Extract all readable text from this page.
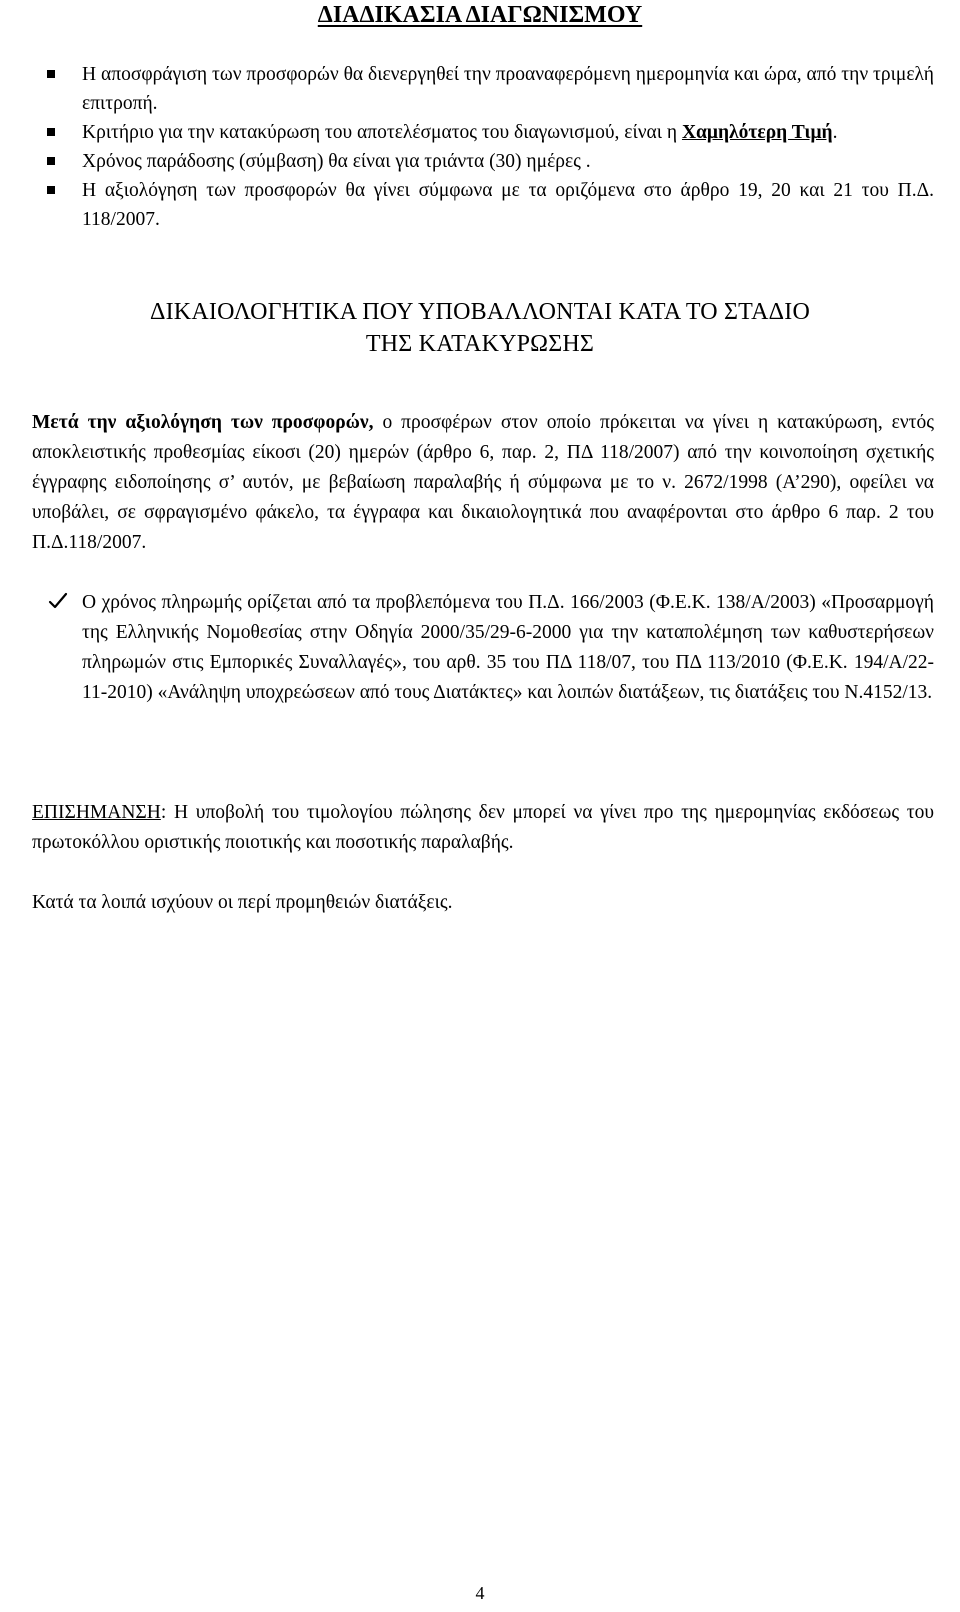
ΔΙΑΔΙΚΑΣΙΑ ΔΙΑΓΩΝΙΣΜΟΥ
Η αποσφράγιση των προσφορών θα διενεργηθεί την προαναφερόμενη ημερομηνία και ώρα, από την τριμελή επιτροπή.
Κριτήριο για την κατακύρωση του αποτελέσματος του διαγωνισμού, είναι η Χαμηλότερη Τιμή.
Χρόνος παράδοσης (σύμβαση) θα είναι για τριάντα (30) ημέρες .
Η αξιολόγηση των προσφορών θα γίνει σύμφωνα με τα οριζόμενα στο άρθρο 19, 20 και 21 του Π.Δ. 118/2007.
ΔΙΚΑΙΟΛΟΓΗΤΙΚΑ ΠΟΥ ΥΠΟΒΑΛΛΟΝΤΑΙ ΚΑΤΑ ΤΟ ΣΤΑΔΙΟ
ΤΗΣ ΚΑΤΑΚΥΡΩΣΗΣ
Μετά την αξιολόγηση των προσφορών, ο προσφέρων στον οποίο πρόκειται να γίνει η κατακύρωση, εντός αποκλειστικής προθεσμίας είκοσι (20) ημερών (άρθρο 6, παρ. 2, ΠΔ 118/2007) από την κοινοποίηση σχετικής έγγραφης ειδοποίησης σ’ αυτόν, με βεβαίωση παραλαβής ή σύμφωνα με το ν. 2672/1998 (Α’290), οφείλει να υποβάλει, σε σφραγισμένο φάκελο, τα έγγραφα και δικαιολογητικά που αναφέρονται στο άρθρο 6 παρ. 2 του Π.Δ.118/2007.
Ο χρόνος πληρωμής ορίζεται από τα προβλεπόμενα του Π.Δ. 166/2003 (Φ.Ε.Κ. 138/Α/2003) «Προσαρμογή της Ελληνικής Νομοθεσίας στην Οδηγία 2000/35/29-6-2000 για την καταπολέμηση των καθυστερήσεων πληρωμών στις Εμπορικές Συναλλαγές», του αρθ. 35 του ΠΔ 118/07, του ΠΔ 113/2010 (Φ.Ε.Κ. 194/Α/22-11-2010) «Ανάληψη υποχρεώσεων από τους Διατάκτες» και λοιπών διατάξεων, τις διατάξεις του Ν.4152/13.
ΕΠΙΣΗΜΑΝΣΗ: Η υποβολή του τιμολογίου πώλησης δεν μπορεί να γίνει προ της ημερομηνίας εκδόσεως του πρωτοκόλλου οριστικής ποιοτικής και ποσοτικής παραλαβής.
Κατά τα λοιπά ισχύουν οι περί προμηθειών διατάξεις.
4
